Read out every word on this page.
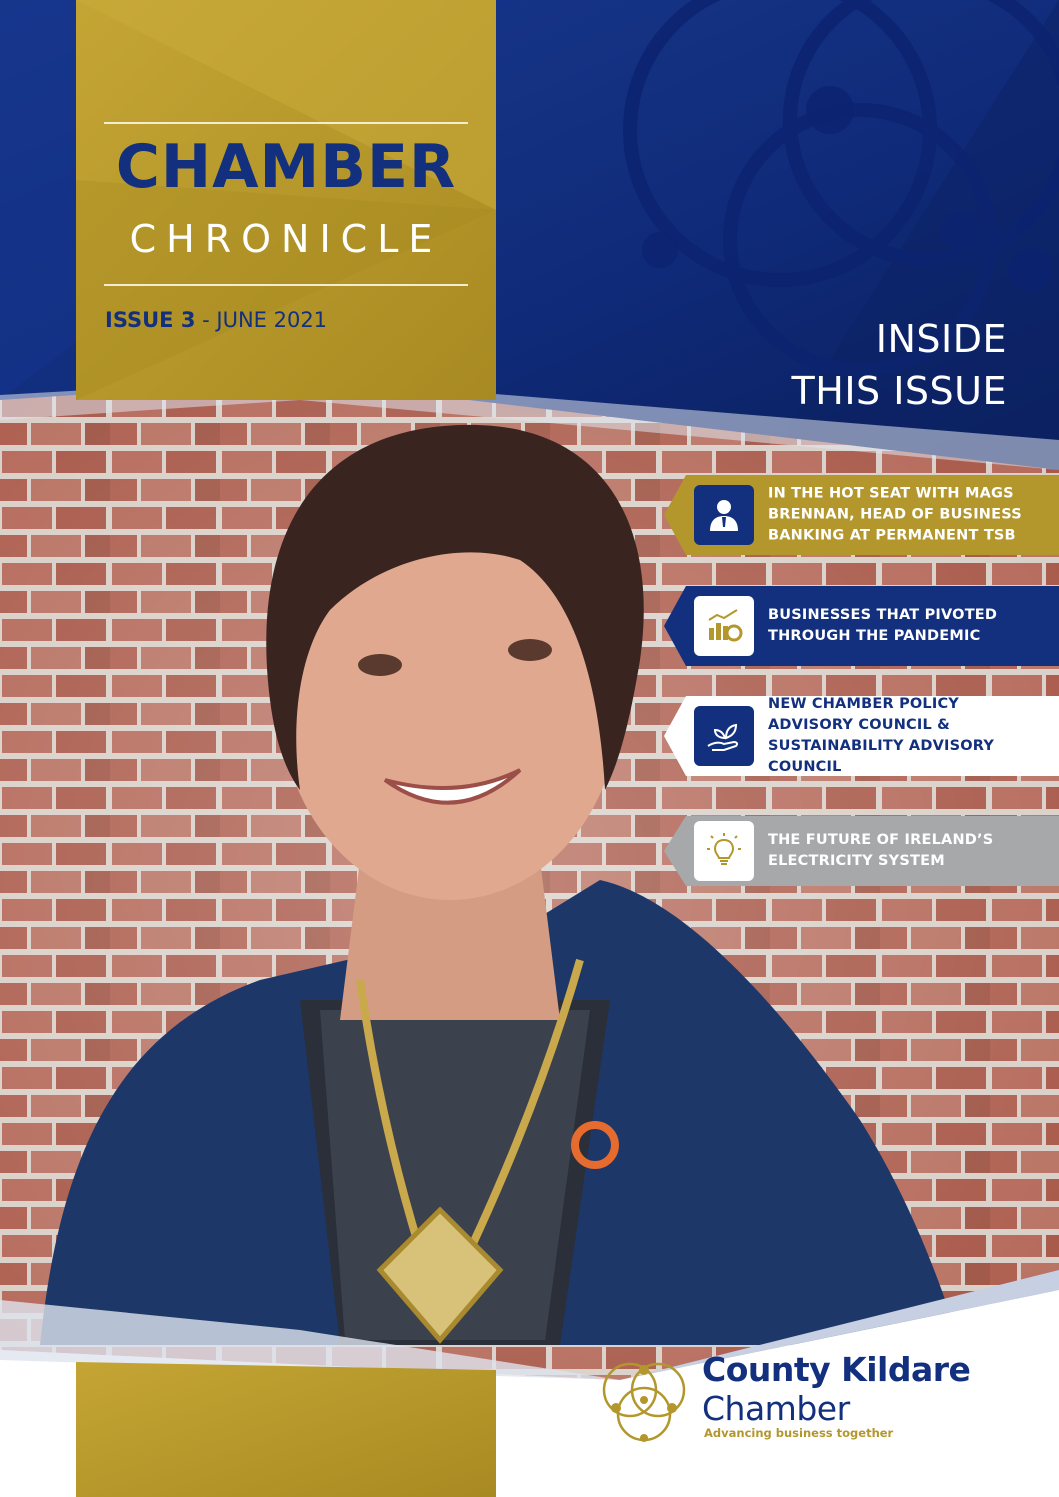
CHAMBER
CHRONICLE
ISSUE 3 - JUNE 2021	INSIDE
THIS ISSUE
IN THE HOT SEAT WITH MAGS BRENNAN, HEAD OF BUSINESS BANKING AT PERMANENT TSB
BUSINESSES THAT PIVOTED THROUGH THE PANDEMIC
NEW CHAMBER POLICY ADVISORY COUNCIL & SUSTAINABILITY ADVISORY COUNCIL
THE FUTURE OF IRELAND’S ELECTRICITY SYSTEM
County Kildare
Chamber
Advancing business together
